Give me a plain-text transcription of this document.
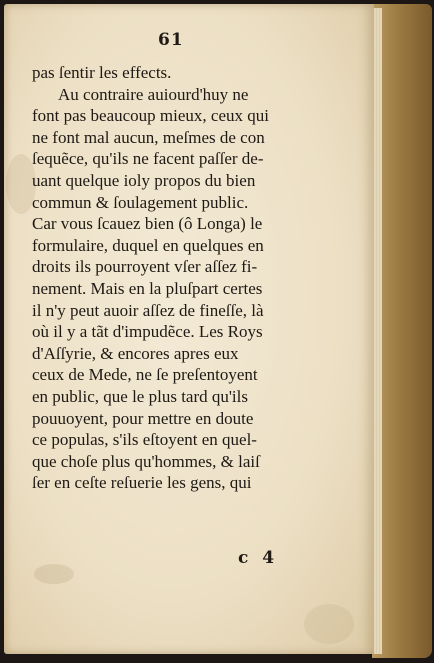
61
pas ſentir les effects.
Au contraire auiourd'huy ne
font pas beaucoup mieux, ceux qui
ne font mal aucun, meſmes de con
ſequẽce, qu'ils ne facent paſſer de-
uant quelque ioly propos du bien
commun & ſoulagement public.
Car vous ſcauez bien (ô Longa) le
formulaire, duquel en quelques en
droits ils pourroyent vſer aſſez fi-
nement. Mais en la pluſpart certes
il n'y peut auoir aſſez de fineſſe, là
où il y a tãt d'impudẽce. Les Roys
d'Aſſyrie, & encores apres eux
ceux de Mede, ne ſe preſentoyent
en public, que le plus tard qu'ils
pouuoyent, pour mettre en doute
ce populas, s'ils eſtoyent en quel-
que choſe plus qu'hommes, & laiſ
ſer en ceſte reſuerie les gens, qui
c 4
